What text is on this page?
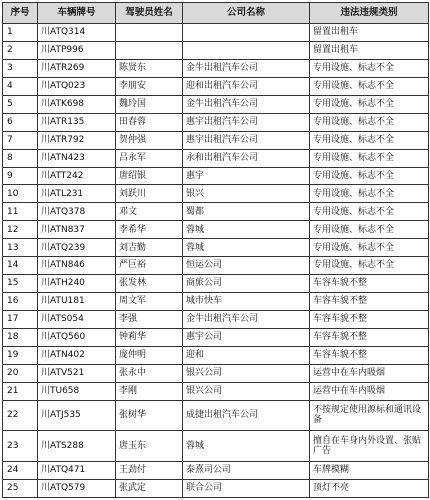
序号	车辆牌号	驾驶员姓名	公司名称	违法违规类别
1	川ATQ314			留置出租车
2	川ATP996			留置出租车
3	川ATR269	陈贤东	金牛出租汽车公司	专用设施、标志不全
4	川ATQ023	李朋安	迎和出租汽车公司	专用设施、标志不全
5	川ATK698	魏玲国	金牛出租汽车公司	专用设施、标志不全
6	川ATR135	田春蓉	惠宇出租汽车公司	专用设施、标志不全
7	川ATR792	贺仲强	惠宇出租汽车公司	专用设施、标志不全
8	川ATN423	吕永军	永和出租汽车公司	专用设施、标志不全
9	川ATT242	唐绍银	惠宇	专用设施、标志不全
10	川ATL231	刘跃川	银兴	专用设施、标志不全
11	川ATQ378	邓文	蜀都	专用设施、标志不全
12	川ATN837	李希华	蓉城	专用设施、标志不全
13	川ATQ239	刘吉勤	蓉城	专用设施、标志不全
14	川ATN846	严巨裕	恒运公司	专用设施、标志不全
15	川ATH240	张发林	商旅公司	车容车貌不整
16	川ATU181	周文军	城市快车	车容车貌不整
17	川ATS054	李强	金牛出租汽车公司	车容车貌不整
18	川ATQ560	钟莉华	惠宇公司	车容车貌不整
19	川ATN402	庞仲明	迎和	车容车貌不整
20	川ATV521	张永中	银兴公司	运营中在车内吸烟
21	川TU658	李刚	银兴公司	运营中在车内吸烟
22	川ATJ535	张树华	成捷出租汽车公司	不按规定使用源标和通讯设备
23	川ATS288	唐玉东	蓉城	擅自在车身内外设置、张贴广告
24	川ATQ471	王劲付	泰熹司公司	车牌模糊
25	川ATQ579	张武定	联合公司	顶灯不亮
